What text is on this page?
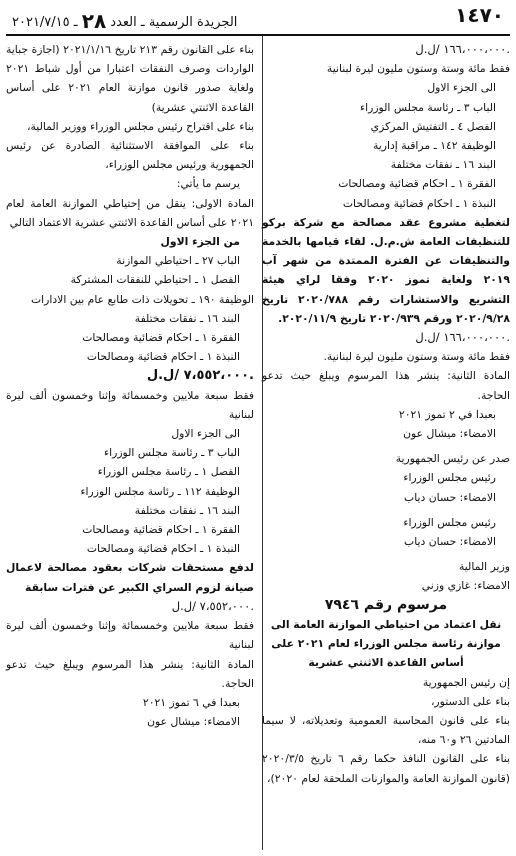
١٤٧٠
الجريدة الرسمية ـ العدد ٢٨ ـ ٢٠٢١/٧/١٥

١٦٦،٠٠٠،٠٠٠ /ل.ل.

فقط مائة وستة وستون مليون ليرة لبنانية

الى الجزء الاول

الباب ٣ ـ رئاسة مجلس الوزراء

الفصل ٤ ـ التفتيش المركزي

الوظيفة ١٤٢ ـ مراقبة إدارية

البند ١٦ ـ نفقات مختلفة

الفقرة ١ ـ احكام قضائية ومصالحات

النبذة ١ ـ احكام قضائية ومصالحات

لتغطية مشروع عقد مصالحة مع شركة بركو للتنظيفات العامة ش.م.ل. لقاء قيامها بالخدمة والتنظيفات عن الفترة الممتدة من شهر آب ٢٠١٩ ولغاية تموز ٢٠٢٠ وفقا لراي هيئة التشريع والاستشارات رقم ٢٠٢٠/٧٨٨ تاريخ ٢٠٢٠/٩/٢٨ ورقم ٢٠٢٠/٩٣٩ تاريخ ٢٠٢٠/١١/٩.

١٦٦،٠٠٠،٠٠٠ /ل.ل.

فقط مائة وستة وستون مليون ليرة لبنانية.

المادة الثانية: ينشر هذا المرسوم ويبلغ حيث تدعو الحاجة.

بعبدا في ٢ تموز ٢٠٢١

الامضاء: ميشال عون

صدر عن رئيس الجمهورية

رئيس مجلس الوزراء

الامضاء: حسان دياب

رئيس مجلس الوزراء

الامضاء: حسان دياب

وزير المالية

الامضاء: غازي وزني

مرسوم رقم ٧٩٤٦

نقل اعتماد من احتياطي الموازنة العامة الى موازنة رئاسة مجلس الوزراء لعام ٢٠٢١ على أساس القاعدة الاثنتي عشرية

إن رئيس الجمهورية

بناء على الدستور،

بناء على قانون المحاسبة العمومية وتعديلاته، لا سيما المادتين ٢٦ و٦٠ منه،

بناء على القانون النافذ حكما رقم ٦ تاريخ ٢٠٢٠/٣/٥ (قانون الموازنة العامة والموازنات الملحقة لعام ٢٠٢٠)،

بناء على القانون رقم ٢١٣ تاريخ ٢٠٢١/١/١٦ (اجازة جباية الواردات وصرف النفقات اعتبارا من أول شباط ٢٠٢١ ولغاية صدور قانون موازنة العام ٢٠٢١ على أساس القاعدة الاثنتي عشرية)

بناء على اقتراح رئيس مجلس الوزراء ووزير المالية،

بناء على الموافقة الاستثنائية الصادرة عن رئيس الجمهورية ورئيس مجلس الوزراء،

يرسم ما يأتي:

المادة الاولى: ينقل من إحتياطي الموازنة العامة لعام ٢٠٢١ على أساس القاعدة الاثنتي عشرية الاعتماد التالي

من الجزء الاول

الباب ٢٧ ـ احتياطي الموازنة

الفصل ١ ـ احتياطي للنفقات المشتركة

الوظيفة ١٩٠ ـ تحويلات ذات طابع عام بين الادارات

البند ١٦ ـ نفقات مختلفة

الفقرة ١ ـ احكام قضائية ومصالحات

النبذة ١ ـ احكام قضائية ومصالحات

٧،٥٥٢،٠٠٠ /ل.ل.

فقط سبعة ملايين وخمسمائة وإثنا وخمسون ألف ليرة لبنانية

الى الجزء الاول

الباب ٣ ـ رئاسة مجلس الوزراء

الفصل ١ ـ رئاسة مجلس الوزراء

الوظيفة ١١٢ ـ رئاسة مجلس الوزراء

البند ١٦ ـ نفقات مختلفة

الفقرة ١ ـ احكام قضائية ومصالحات

النبذة ١ ـ احكام قضائية ومصالحات

لدفع مستحقات شركات بعقود مصالحة لاعمال صيانة لزوم السراي الكبير عن فترات سابقة

٧،٥٥٢،٠٠٠ /ل.ل.

فقط سبعة ملايين وخمسمائة وإثنا وخمسون ألف ليرة لبنانية

المادة الثانية: ينشر هذا المرسوم ويبلغ حيث تدعو الحاجة.

بعبدا في ٦ تموز ٢٠٢١

الامضاء: ميشال عون
